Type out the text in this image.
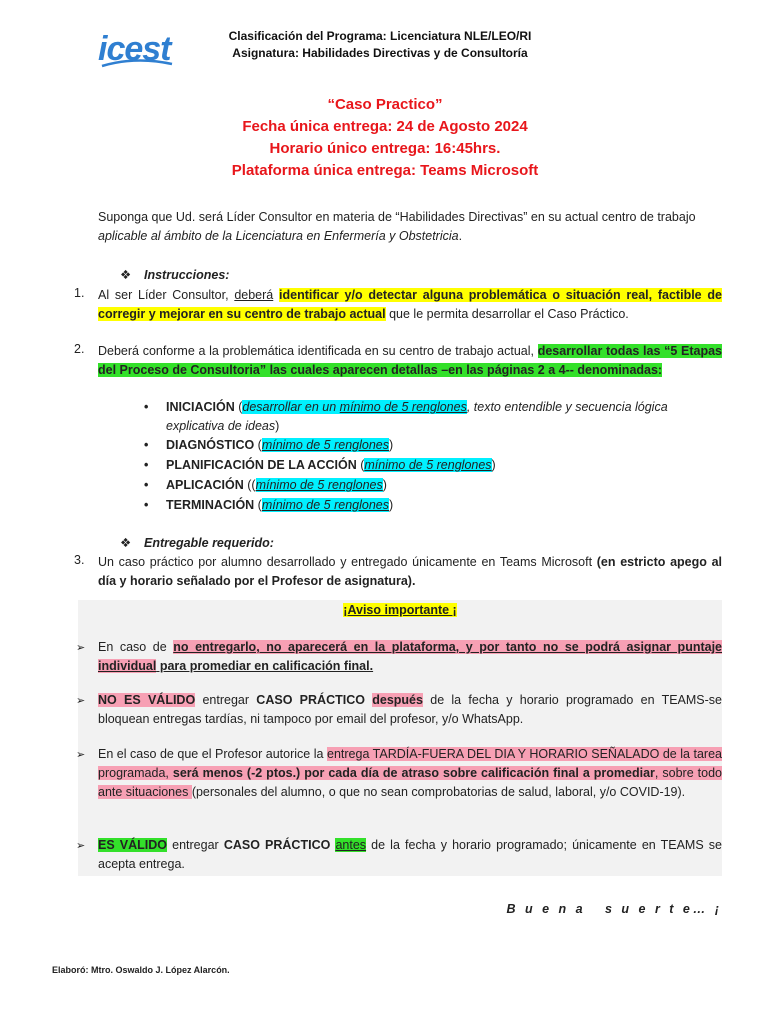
icest	Clasificación del Programa: Licenciatura NLE/LEO/RI
Asignatura: Habilidades Directivas y de Consultoría
“Caso Practico”
Fecha única entrega: 24 de Agosto 2024
Horario único entrega: 16:45hrs.
Plataforma única entrega: Teams Microsoft
Suponga que Ud. será Líder Consultor en materia de “Habilidades Directivas” en su actual centro de trabajo
aplicable al ámbito de la Licenciatura en Enfermería y Obstetricia.
❖ Instrucciones:
1. Al ser Líder Consultor, deberá identificar y/o detectar alguna problemática o situación real, factible de corregir y mejorar en su centro de trabajo actual que le permita desarrollar el Caso Práctico.
2. Deberá conforme a la problemática identificada en su centro de trabajo actual, desarrollar todas las “5 Etapas del Proceso de Consultoria” las cuales aparecen detallas –en las páginas 2 a 4-- denominadas:
• INICIACIÓN (desarrollar en un mínimo de 5 renglones, texto entendible y secuencia lógica explicativa de ideas)
• DIAGNÓSTICO (mínimo de 5 renglones)
• PLANIFICACIÓN DE LA ACCIÓN (mínimo de 5 renglones)
• APLICACIÓN ((mínimo de 5 renglones)
• TERMINACIÓN (mínimo de 5 renglones)
❖ Entregable requerido:
3. Un caso práctico por alumno desarrollado y entregado únicamente en Teams Microsoft (en estricto apego al día y horario señalado por el Profesor de asignatura).
¡Aviso importante ¡
➢ En caso de no entregarlo, no aparecerá en la plataforma, y por tanto no se podrá asignar puntaje individual para promediar en calificación final.
➢ NO ES VÁLIDO entregar CASO PRÁCTICO después de la fecha y horario programado en TEAMS-se bloquean entregas tardías, ni tampoco por email del profesor, y/o WhatsApp.
➢ En el caso de que el Profesor autorice la entrega TARDÍA-FUERA DEL DIA Y HORARIO SEÑALADO de la tarea programada, será menos (-2 ptos.) por cada día de atraso sobre calificación final a promediar, sobre todo ante situaciones (personales del alumno, o que no sean comprobatorias de salud, laboral, y/o COVID-19).
➢ ES VÁLIDO entregar CASO PRÁCTICO antes de la fecha y horario programado; únicamente en TEAMS se acepta entrega.
B u e n a   s u e r t e… ¡
Elaboró: Mtro. Oswaldo J. López Alarcón.
